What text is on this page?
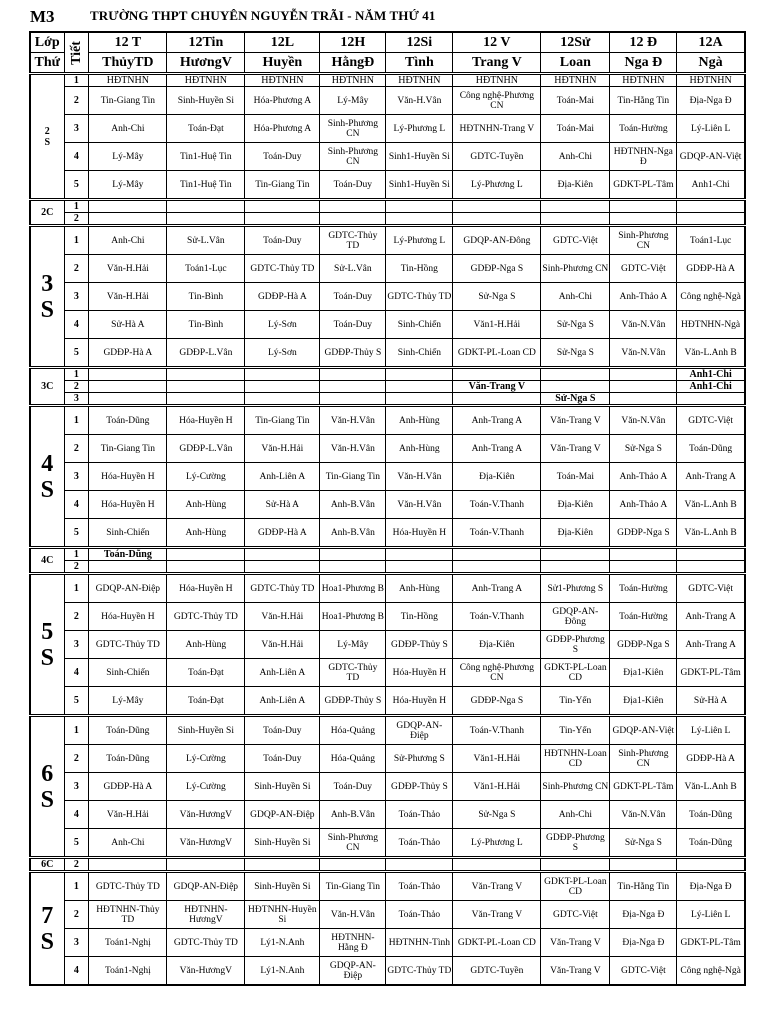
M3	TRƯỜNG THPT CHUYÊN NGUYỄN TRÃI - NĂM THỨ 41
Lớp	Tiết	12 T	12Tin	12L	12H	12Si	12 V	12Sử	12 Đ	12A
Thứ		ThủyTD	HươngV	Huyền	HằngĐ	Tình	Trang V	Loan	Nga Đ	Ngà
2
S	1	HĐTNHN	HĐTNHN	HĐTNHN	HĐTNHN	HĐTNHN	HĐTNHN	HĐTNHN	HĐTNHN	HĐTNHN
	2	Tin-Giang Tin	Sinh-Huyền Si	Hóa-Phương A	Lý-Mây	Văn-H.Vân	Công nghệ-Phương CN	Toán-Mai	Tin-Hằng Tin	Địa-Nga Đ
	3	Anh-Chi	Toán-Đạt	Hóa-Phương A	Sinh-Phương CN	Lý-Phương L	HĐTNHN-Trang V	Toán-Mai	Toán-Hường	Lý-Liên L
	4	Lý-Mây	Tin1-Huệ Tin	Toán-Duy	Sinh-Phương CN	Sinh1-Huyền Si	GDTC-Tuyền	Anh-Chi	HĐTNHN-Nga Đ	GDQP-AN-Việt
	5	Lý-Mây	Tin1-Huệ Tin	Tin-Giang Tin	Toán-Duy	Sinh1-Huyền Si	Lý-Phương L	Địa-Kiên	GDKT-PL-Tâm	Anh1-Chi
2C	1									
	2									
3
S	1	Anh-Chi	Sử-L.Vân	Toán-Duy	GDTC-Thủy TD	Lý-Phương L	GDQP-AN-Đông	GDTC-Việt	Sinh-Phương CN	Toán1-Lục
	2	Văn-H.Hải	Toán1-Lục	GDTC-Thủy TD	Sử-L.Vân	Tin-Hồng	GDĐP-Nga S	Sinh-Phương CN	GDTC-Việt	GDĐP-Hà A
	3	Văn-H.Hải	Tin-Bình	GDĐP-Hà A	Toán-Duy	GDTC-Thủy TD	Sử-Nga S	Anh-Chi	Anh-Thảo A	Công nghệ-Ngà
	4	Sử-Hà A	Tin-Bình	Lý-Sơn	Toán-Duy	Sinh-Chiến	Văn1-H.Hải	Sử-Nga S	Văn-N.Vân	HĐTNHN-Ngà
	5	GDĐP-Hà A	GDĐP-L.Vân	Lý-Sơn	GDĐP-Thủy S	Sinh-Chiến	GDKT-PL-Loan CD	Sử-Nga S	Văn-N.Vân	Văn-L.Anh B
3C	1									Anh1-Chi
	2						Văn-Trang V			Anh1-Chi
	3							Sử-Nga S		
4
S	1	Toán-Dũng	Hóa-Huyền H	Tin-Giang Tin	Văn-H.Vân	Anh-Hùng	Anh-Trang A	Văn-Trang V	Văn-N.Vân	GDTC-Việt
	2	Tin-Giang Tin	GDĐP-L.Vân	Văn-H.Hải	Văn-H.Vân	Anh-Hùng	Anh-Trang A	Văn-Trang V	Sử-Nga S	Toán-Dũng
	3	Hóa-Huyền H	Lý-Cường	Anh-Liên A	Tin-Giang Tin	Văn-H.Vân	Địa-Kiên	Toán-Mai	Anh-Thảo A	Anh-Trang A
	4	Hóa-Huyền H	Anh-Hùng	Sử-Hà A	Anh-B.Vân	Văn-H.Vân	Toán-V.Thanh	Địa-Kiên	Anh-Thảo A	Văn-L.Anh B
	5	Sinh-Chiến	Anh-Hùng	GDĐP-Hà A	Anh-B.Vân	Hóa-Huyền H	Toán-V.Thanh	Địa-Kiên	GDĐP-Nga S	Văn-L.Anh B
4C	1	Toán-Dũng								
	2									
5
S	1	GDQP-AN-Điệp	Hóa-Huyền H	GDTC-Thủy TD	Hoa1-Phương B	Anh-Hùng	Anh-Trang A	Sử1-Phương S	Toán-Hường	GDTC-Việt
	2	Hóa-Huyền H	GDTC-Thủy TD	Văn-H.Hải	Hoa1-Phương B	Tin-Hồng	Toán-V.Thanh	GDQP-AN-Đông	Toán-Hường	Anh-Trang A
	3	GDTC-Thủy TD	Anh-Hùng	Văn-H.Hải	Lý-Mây	GDĐP-Thủy S	Địa-Kiên	GDĐP-Phương S	GDĐP-Nga S	Anh-Trang A
	4	Sinh-Chiến	Toán-Đạt	Anh-Liên A	GDTC-Thủy TD	Hóa-Huyền H	Công nghệ-Phương CN	GDKT-PL-Loan CD	Địa1-Kiên	GDKT-PL-Tâm
	5	Lý-Mây	Toán-Đạt	Anh-Liên A	GDĐP-Thủy S	Hóa-Huyền H	GDĐP-Nga S	Tin-Yến	Địa1-Kiên	Sử-Hà A
6
S	1	Toán-Dũng	Sinh-Huyền Si	Toán-Duy	Hóa-Quảng	GDQP-AN-Điệp	Toán-V.Thanh	Tin-Yến	GDQP-AN-Việt	Lý-Liên L
	2	Toán-Dũng	Lý-Cường	Toán-Duy	Hóa-Quảng	Sử-Phương S	Văn1-H.Hải	HĐTNHN-Loan CD	Sinh-Phương CN	GDĐP-Hà A
	3	GDĐP-Hà A	Lý-Cường	Sinh-Huyền Si	Toán-Duy	GDĐP-Thủy S	Văn1-H.Hải	Sinh-Phương CN	GDKT-PL-Tâm	Văn-L.Anh B
	4	Văn-H.Hải	Văn-HươngV	GDQP-AN-Điệp	Anh-B.Vân	Toán-Thảo	Sử-Nga S	Anh-Chi	Văn-N.Vân	Toán-Dũng
	5	Anh-Chi	Văn-HươngV	Sinh-Huyền Si	Sinh-Phương CN	Toán-Thảo	Lý-Phương L	GDĐP-Phương S	Sử-Nga S	Toán-Dũng
6C	2									
7
S	1	GDTC-Thủy TD	GDQP-AN-Điệp	Sinh-Huyền Si	Tin-Giang Tin	Toán-Thảo	Văn-Trang V	GDKT-PL-Loan CD	Tin-Hằng Tin	Địa-Nga Đ
	2	HĐTNHN-Thủy TD	HĐTNHN-HươngV	HĐTNHN-Huyền Si	Văn-H.Vân	Toán-Thảo	Văn-Trang V	GDTC-Việt	Địa-Nga Đ	Lý-Liên L
	3	Toán1-Nghị	GDTC-Thủy TD	Lý1-N.Anh	HĐTNHN-Hằng Đ	HĐTNHN-Tình	GDKT-PL-Loan CD	Văn-Trang V	Địa-Nga Đ	GDKT-PL-Tâm
	4	Toán1-Nghị	Văn-HươngV	Lý1-N.Anh	GDQP-AN-Điệp	GDTC-Thủy TD	GDTC-Tuyền	Văn-Trang V	GDTC-Việt	Công nghệ-Ngà
